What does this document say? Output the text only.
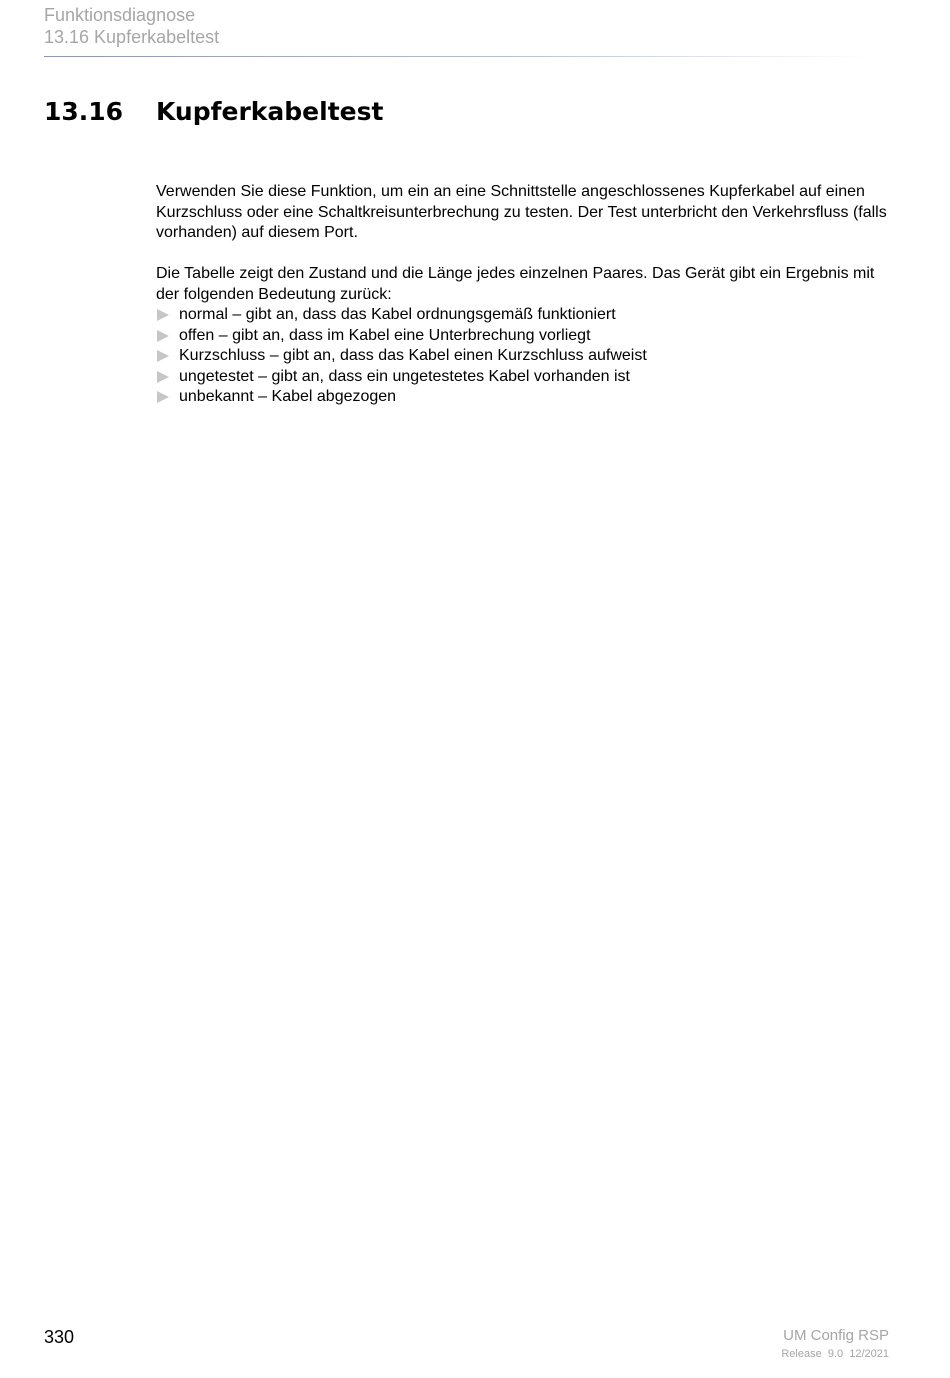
Funktionsdiagnose
13.16 Kupferkabeltest
13.16 Kupferkabeltest

Verwenden Sie diese Funktion, um ein an eine Schnittstelle angeschlossenes Kupferkabel auf einen Kurzschluss oder eine Schaltkreisunterbrechung zu testen. Der Test unterbricht den Verkehrsfluss (falls vorhanden) auf diesem Port.

Die Tabelle zeigt den Zustand und die Länge jedes einzelnen Paares. Das Gerät gibt ein Ergebnis mit der folgenden Bedeutung zurück:

normal – gibt an, dass das Kabel ordnungsgemäß funktioniert
offen – gibt an, dass im Kabel eine Unterbrechung vorliegt
Kurzschluss – gibt an, dass das Kabel einen Kurzschluss aufweist
ungetestet – gibt an, dass ein ungetestetes Kabel vorhanden ist
unbekannt – Kabel abgezogen
330	UM Config RSP
Release  9.0  12/2021
